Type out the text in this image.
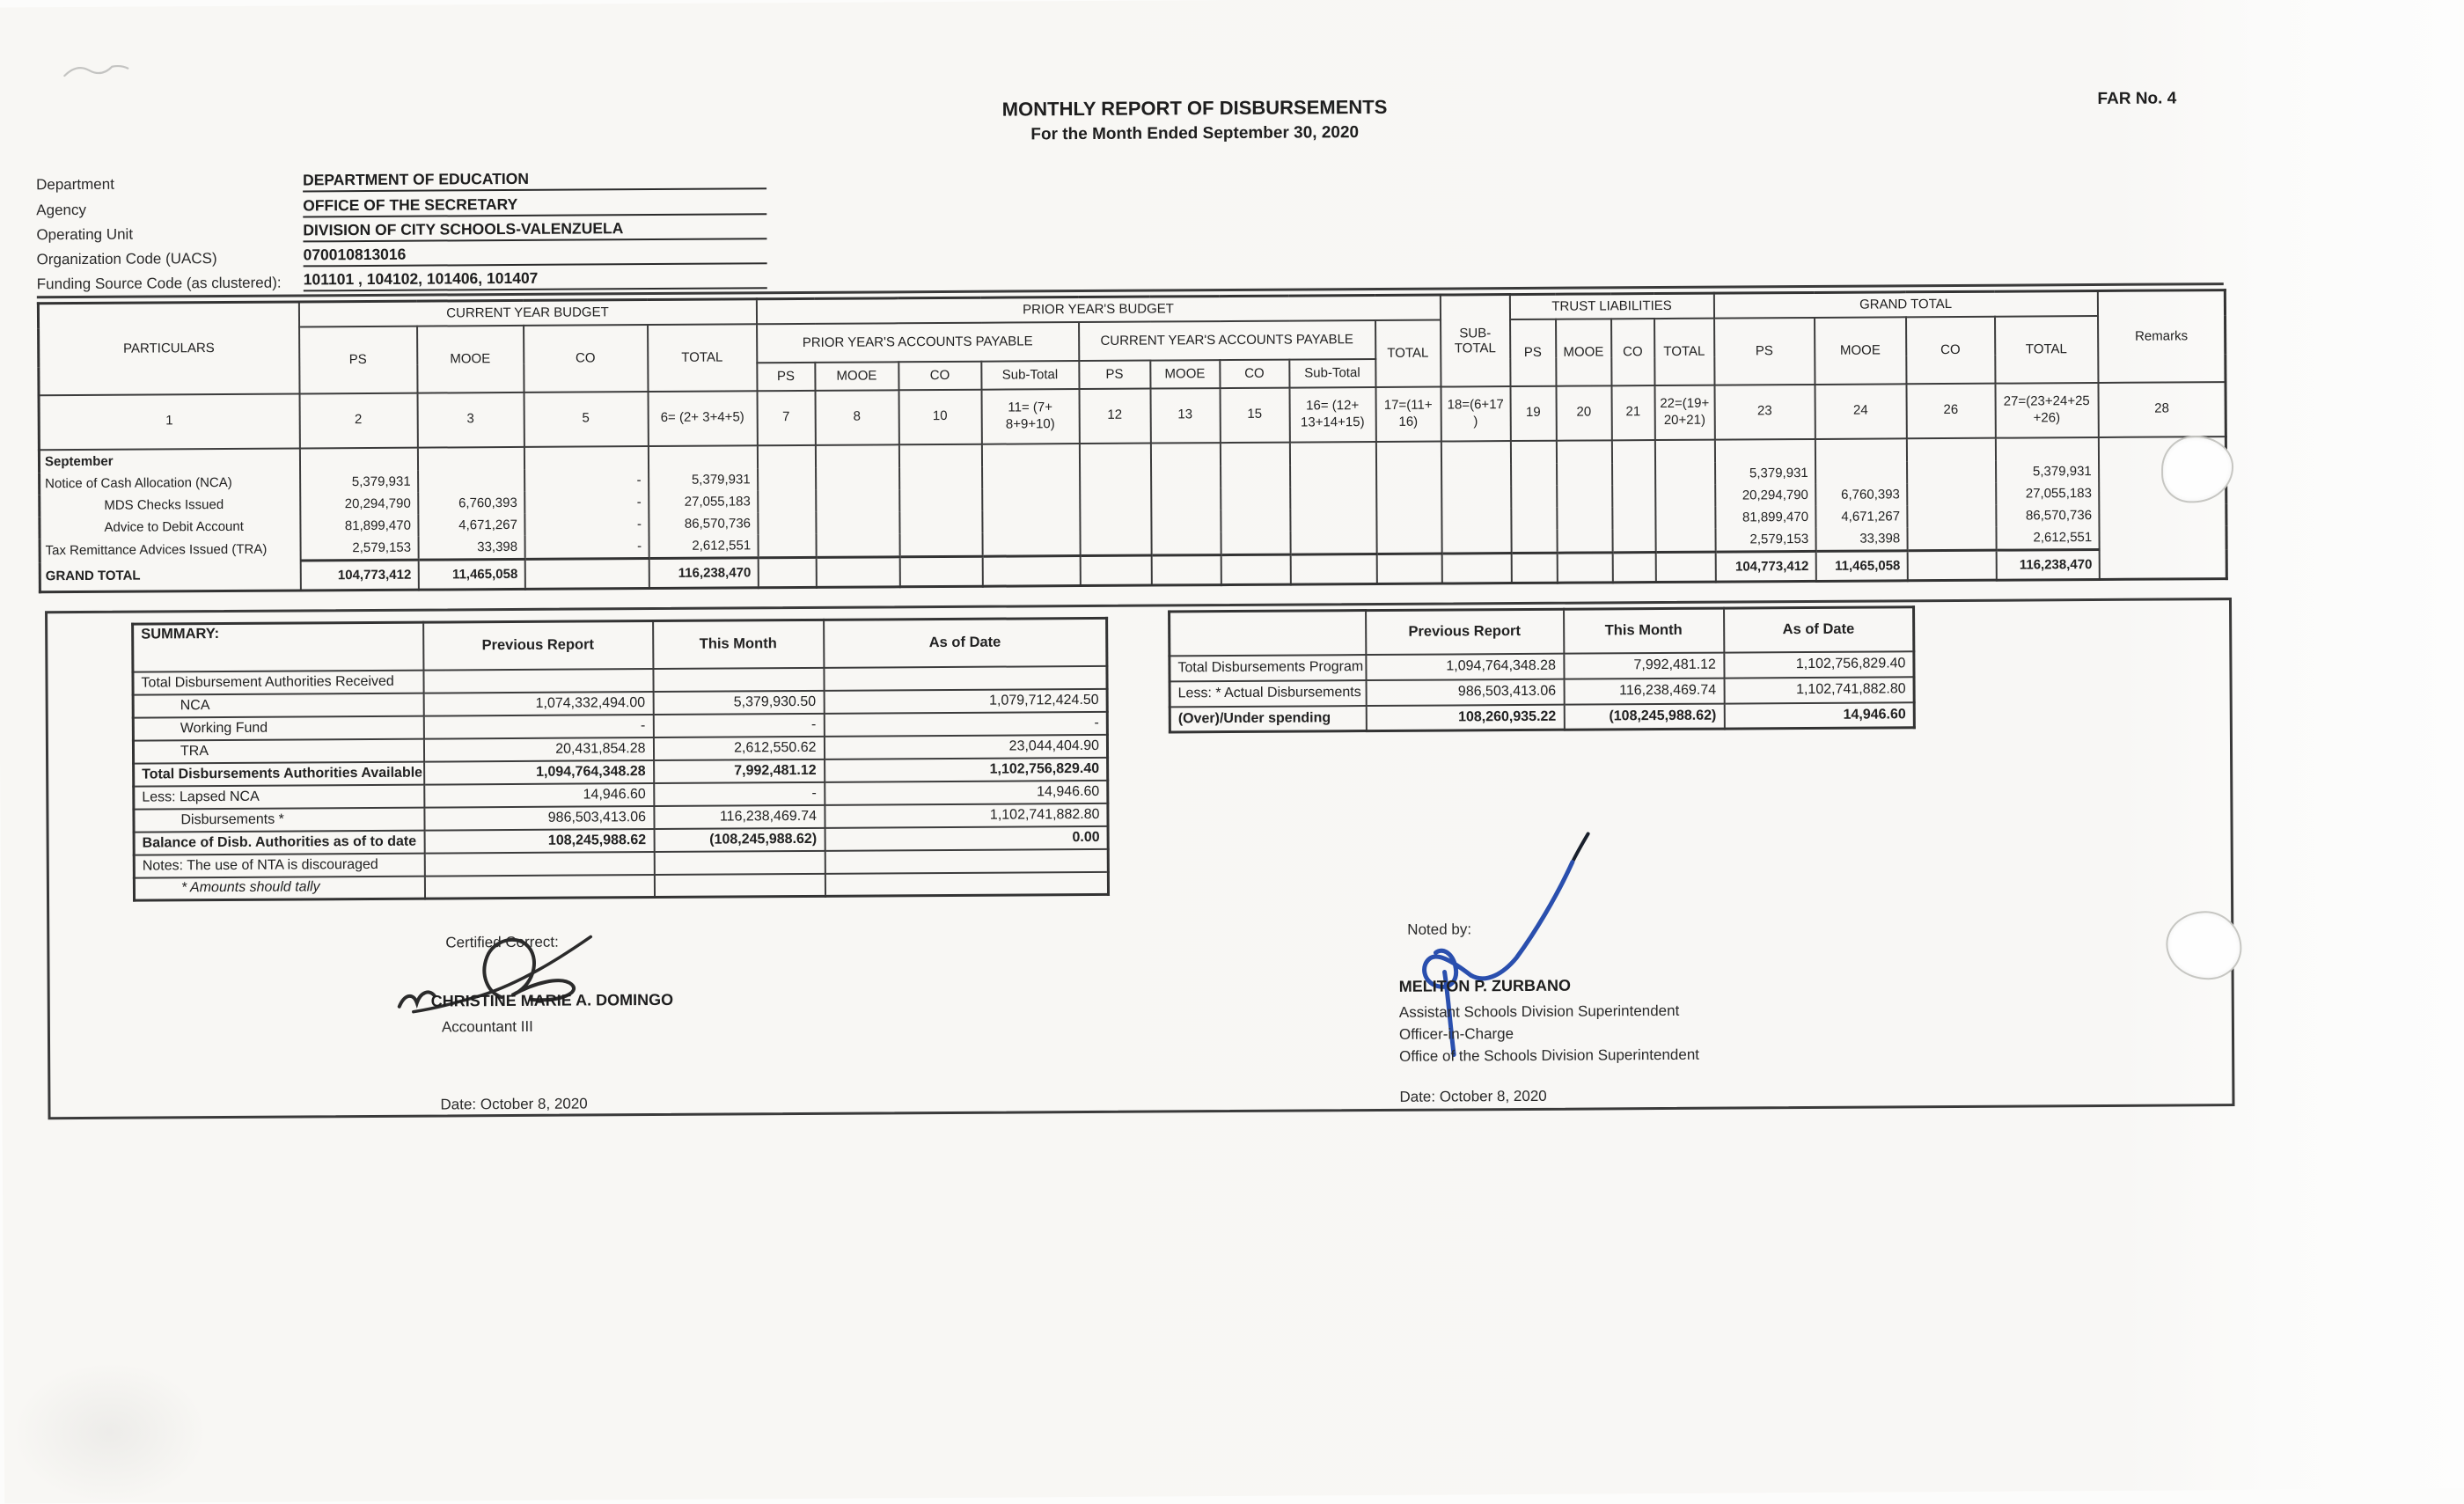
FAR No. 4
MONTHLY REPORT OF DISBURSEMENTS
For the Month Ended September 30, 2020
Department	DEPARTMENT OF EDUCATION
Agency	OFFICE OF THE SECRETARY
Operating Unit	DIVISION OF CITY SCHOOLS-VALENZUELA
Organization Code (UACS)	070010813016
Funding Source Code (as clustered):	101101 , 104102, 101406, 101407
PARTICULARS	CURRENT YEAR BUDGET				PRIOR YEAR'S BUDGET									SUB-TOTAL	TRUST LIABILITIES				GRAND TOTAL				Remarks
	PS	MOOE	CO	TOTAL	PRIOR YEAR'S ACCOUNTS PAYABLE				CURRENT YEAR'S ACCOUNTS PAYABLE				TOTAL		PS	MOOE	CO	TOTAL	PS	MOOE	CO	TOTAL	
					PS	MOOE	CO	Sub-Total	PS	MOOE	CO	Sub-Total											
1	2	3	5	6= (2+ 3+4+5)	7	8	10	11= (7+ 8+9+10)	12	13	15	16= (12+ 13+14+15)	17=(11+ 16)	18=(6+17 )	19	20	21	22=(19+ 20+21)	23	24	26	27=(23+24+25 +26)	28
September																							
Notice of Cash Allocation (NCA)	5,379,931		-	5,379,931															5,379,931			5,379,931	
MDS Checks Issued	20,294,790	6,760,393	-	27,055,183															20,294,790	6,760,393		27,055,183	
Advice to Debit Account	81,899,470	4,671,267	-	86,570,736															81,899,470	4,671,267		86,570,736	
Tax Remittance Advices Issued (TRA)	2,579,153	33,398	-	2,612,551															2,579,153	33,398		2,612,551	
GRAND TOTAL	104,773,412	11,465,058		116,238,470															104,773,412	11,465,058		116,238,470	
SUMMARY:	Previous Report	This Month	As of Date
Total Disbursement Authorities Received			
NCA	1,074,332,494.00	5,379,930.50	1,079,712,424.50
Working Fund	-	-	-
TRA	20,431,854.28	2,612,550.62	23,044,404.90
Total Disbursements Authorities Available	1,094,764,348.28	7,992,481.12	1,102,756,829.40
Less: Lapsed NCA	14,946.60	-	14,946.60
Disbursements *	986,503,413.06	116,238,469.74	1,102,741,882.80
Balance of Disb. Authorities as of to date	108,245,988.62	(108,245,988.62)	0.00
Notes: The use of NTA is discouraged			
* Amounts should tally			
	Previous Report	This Month	As of Date
Total Disbursements Program	1,094,764,348.28	7,992,481.12	1,102,756,829.40
Less: * Actual Disbursements	986,503,413.06	116,238,469.74	1,102,741,882.80
(Over)/Under spending	108,260,935.22	(108,245,988.62)	14,946.60
Certified Correct:
CHRISTINE MARIE A. DOMINGO
Accountant III
Date: October 8, 2020
Noted by:
MELITON P. ZURBANO
Assistant Schools Division Superintendent
Officer-in-Charge
Office of the Schools Division Superintendent
Date: October 8, 2020
